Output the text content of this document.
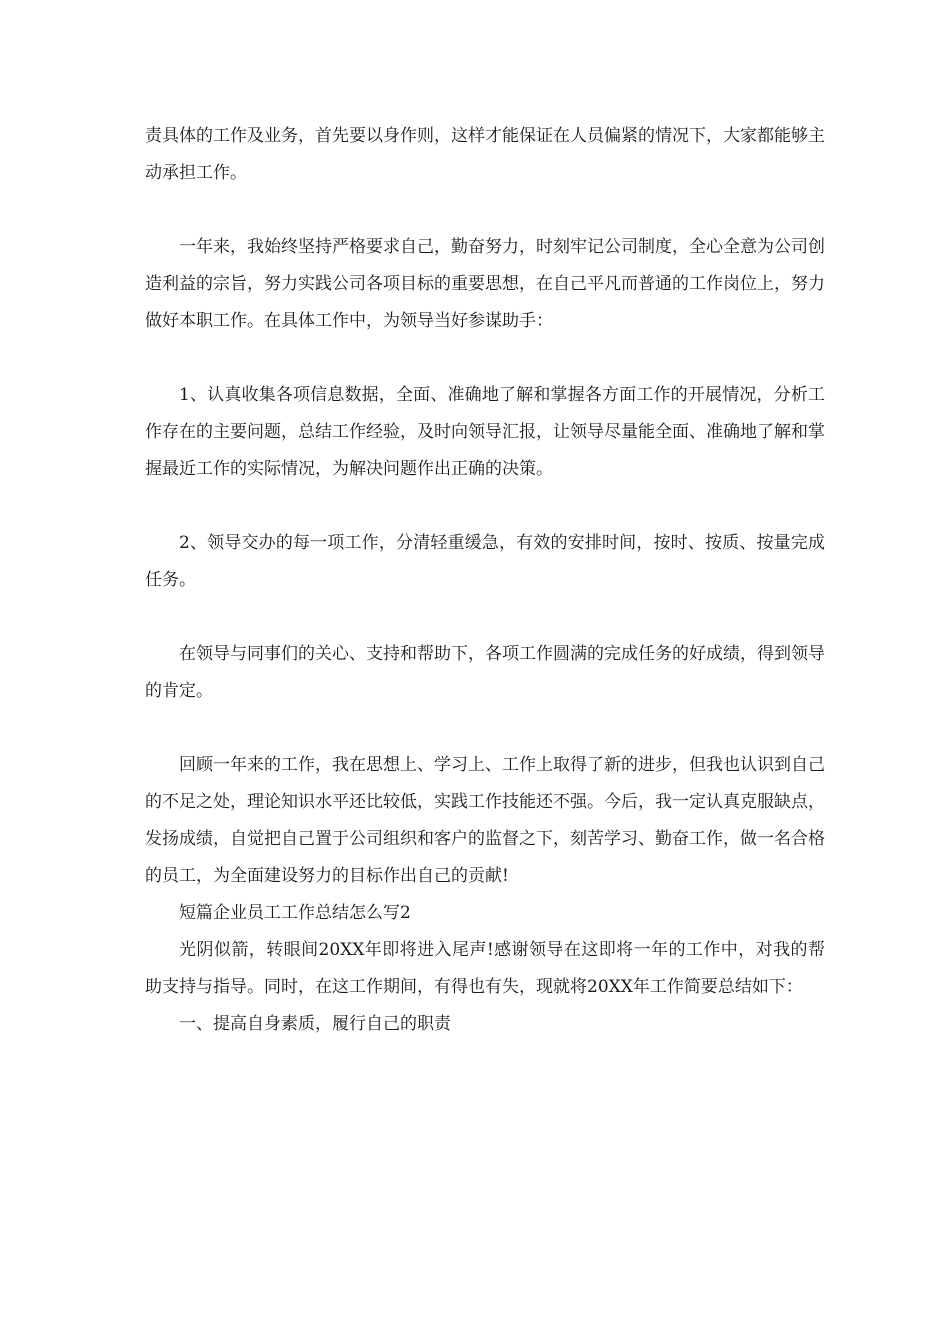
责具体的工作及业务，首先要以身作则，这样才能保证在人员偏紧的情况下，大家都能够主动承担工作。

一年来，我始终坚持严格要求自己，勤奋努力，时刻牢记公司制度，全心全意为公司创造利益的宗旨，努力实践公司各项目标的重要思想，在自己平凡而普通的工作岗位上，努力做好本职工作。在具体工作中，为领导当好参谋助手：

1、认真收集各项信息数据，全面、准确地了解和掌握各方面工作的开展情况，分析工作存在的主要问题，总结工作经验，及时向领导汇报，让领导尽量能全面、准确地了解和掌握最近工作的实际情况，为解决问题作出正确的决策。

2、领导交办的每一项工作，分清轻重缓急，有效的安排时间，按时、按质、按量完成任务。

在领导与同事们的关心、支持和帮助下，各项工作圆满的完成任务的好成绩，得到领导的肯定。

回顾一年来的工作，我在思想上、学习上、工作上取得了新的进步，但我也认识到自己的不足之处，理论知识水平还比较低，实践工作技能还不强。今后，我一定认真克服缺点，发扬成绩，自觉把自己置于公司组织和客户的监督之下，刻苦学习、勤奋工作，做一名合格的员工，为全面建设努力的目标作出自己的贡献!

短篇企业员工工作总结怎么写2

光阴似箭，转眼间20XX年即将进入尾声!感谢领导在这即将一年的工作中，对我的帮助支持与指导。同时，在这工作期间，有得也有失，现就将20XX年工作简要总结如下：

一、提高自身素质，履行自己的职责
